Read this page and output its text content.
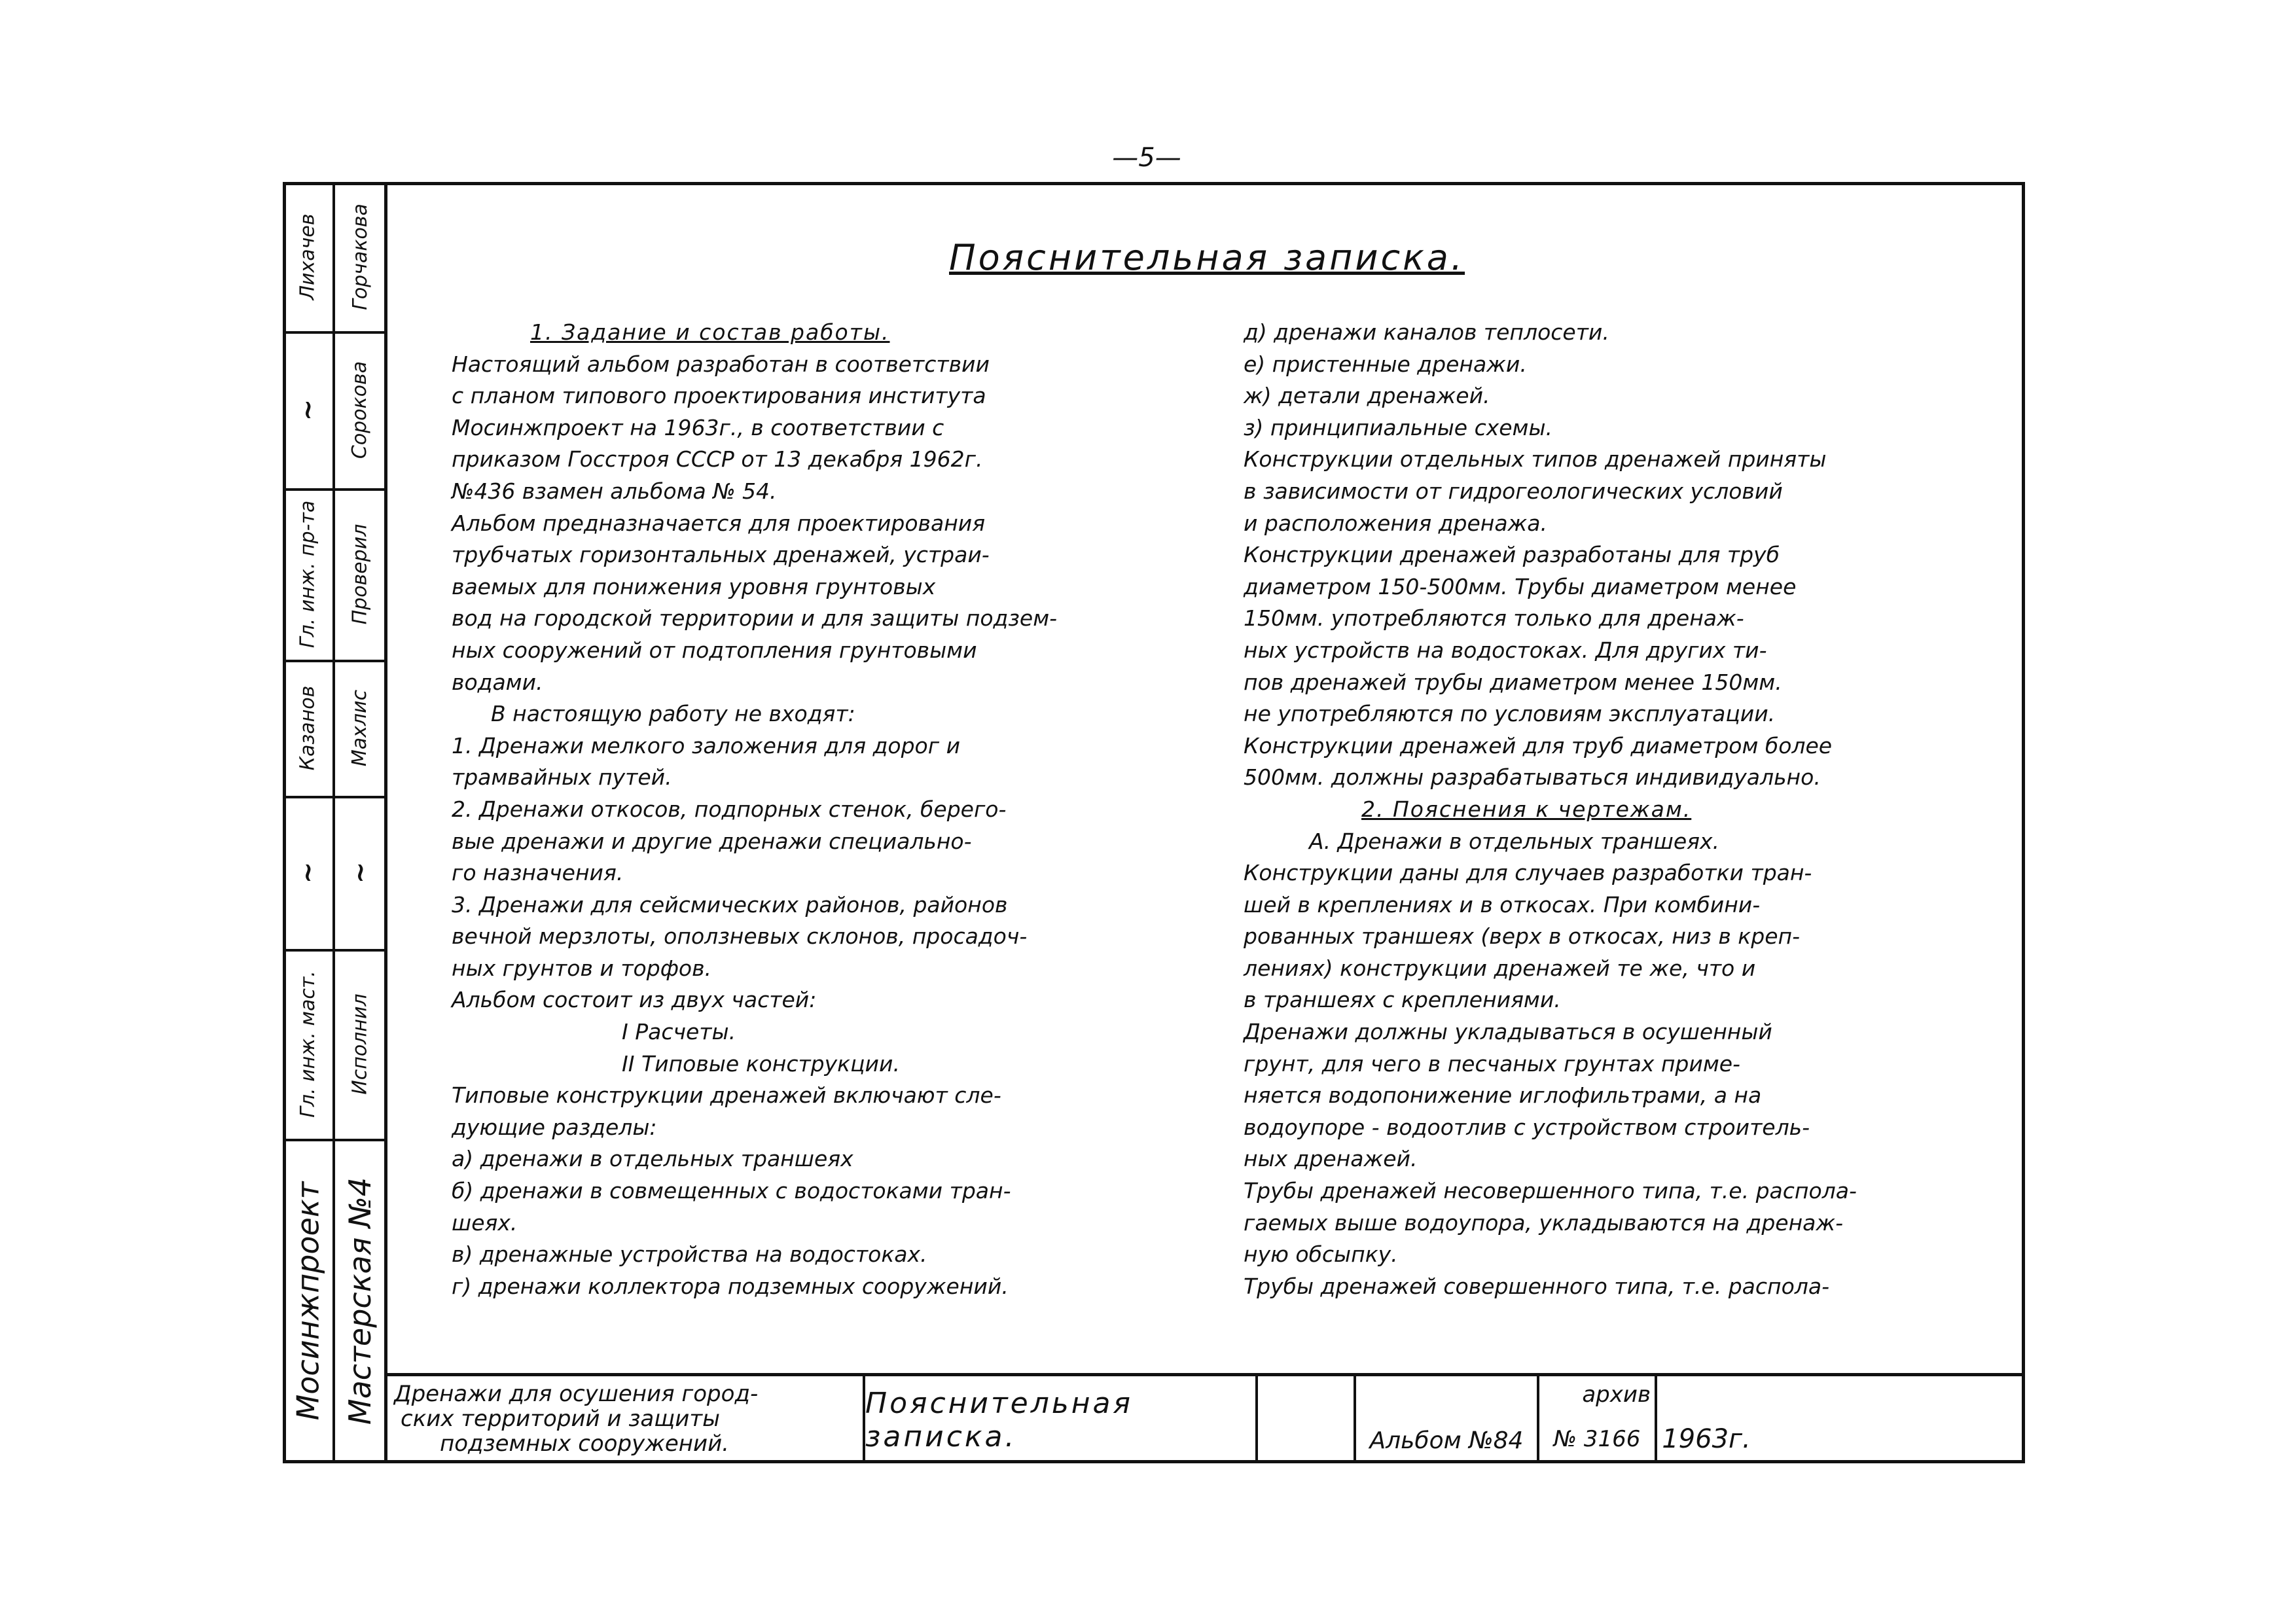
—5—
Мосинжпроект Мастерская №4
Гл. инж. маст. Исполнил
~ ~
Казанов Махлис
Гл. инж. пр-та Проверил
~ Сорокова
Лихачев Горчакова	Пояснительная записка.

1. Задание и состав работы.

Настоящий альбом разработан в соответствии

с планом типового проектирования института

Мосинжпроект на 1963г., в соответствии с

приказом Госстроя СССР от 13 декабря 1962г.

№436 взамен альбома № 54.

Альбом предназначается для проектирования

трубчатых горизонтальных дренажей, устраи-

ваемых для понижения уровня грунтовых

вод на городской территории и для защиты подзем-

ных сооружений от подтопления грунтовыми

водами.

В настоящую работу не входят:

1. Дренажи мелкого заложения для дорог и

трамвайных путей.

2. Дренажи откосов, подпорных стенок, берего-

вые дренажи и другие дренажи специально-

го назначения.

3. Дренажи для сейсмических районов, районов

вечной мерзлоты, оползневых склонов, просадоч-

ных грунтов и торфов.

Альбом состоит из двух частей:

I Расчеты.

II Типовые конструкции.

Типовые конструкции дренажей включают сле-

дующие разделы:

а) дренажи в отдельных траншеях

б) дренажи в совмещенных с водостоками тран-

шеях.

в) дренажные устройства на водостоках.

г) дренажи коллектора подземных сооружений.

д) дренажи каналов теплосети.

е) пристенные дренажи.

ж) детали дренажей.

з) принципиальные схемы.

Конструкции отдельных типов дренажей приняты

в зависимости от гидрогеологических условий

и расположения дренажа.

Конструкции дренажей разработаны для труб

диаметром 150-500мм. Трубы диаметром менее

150мм. употребляются только для дренаж-

ных устройств на водостоках. Для других ти-

пов дренажей трубы диаметром менее 150мм.

не употребляются по условиям эксплуатации.

Конструкции дренажей для труб диаметром более

500мм. должны разрабатываться индивидуально.

2. Пояснения к чертежам.

А. Дренажи в отдельных траншеях.

Конструкции даны для случаев разработки тран-

шей в креплениях и в откосах. При комбини-

рованных траншеях (верх в откосах, низ в креп-

лениях) конструкции дренажей те же, что и

в траншеях с креплениями.

Дренажи должны укладываться в осушенный

грунт, для чего в песчаных грунтах приме-

няется водопонижение иглофильтрами, а на

водоупоре - водоотлив с устройством строитель-

ных дренажей.

Трубы дренажей несовершенного типа, т.е. распола-

гаемых выше водоупора, укладываются на дренаж-

ную обсыпку.

Трубы дренажей совершенного типа, т.е. распола-

Дренажи для осушения город-
ских территорий и защиты
подземных сооружений.
Пояснительная записка.	Альбом №84
архив
№ 3166 1963г.
